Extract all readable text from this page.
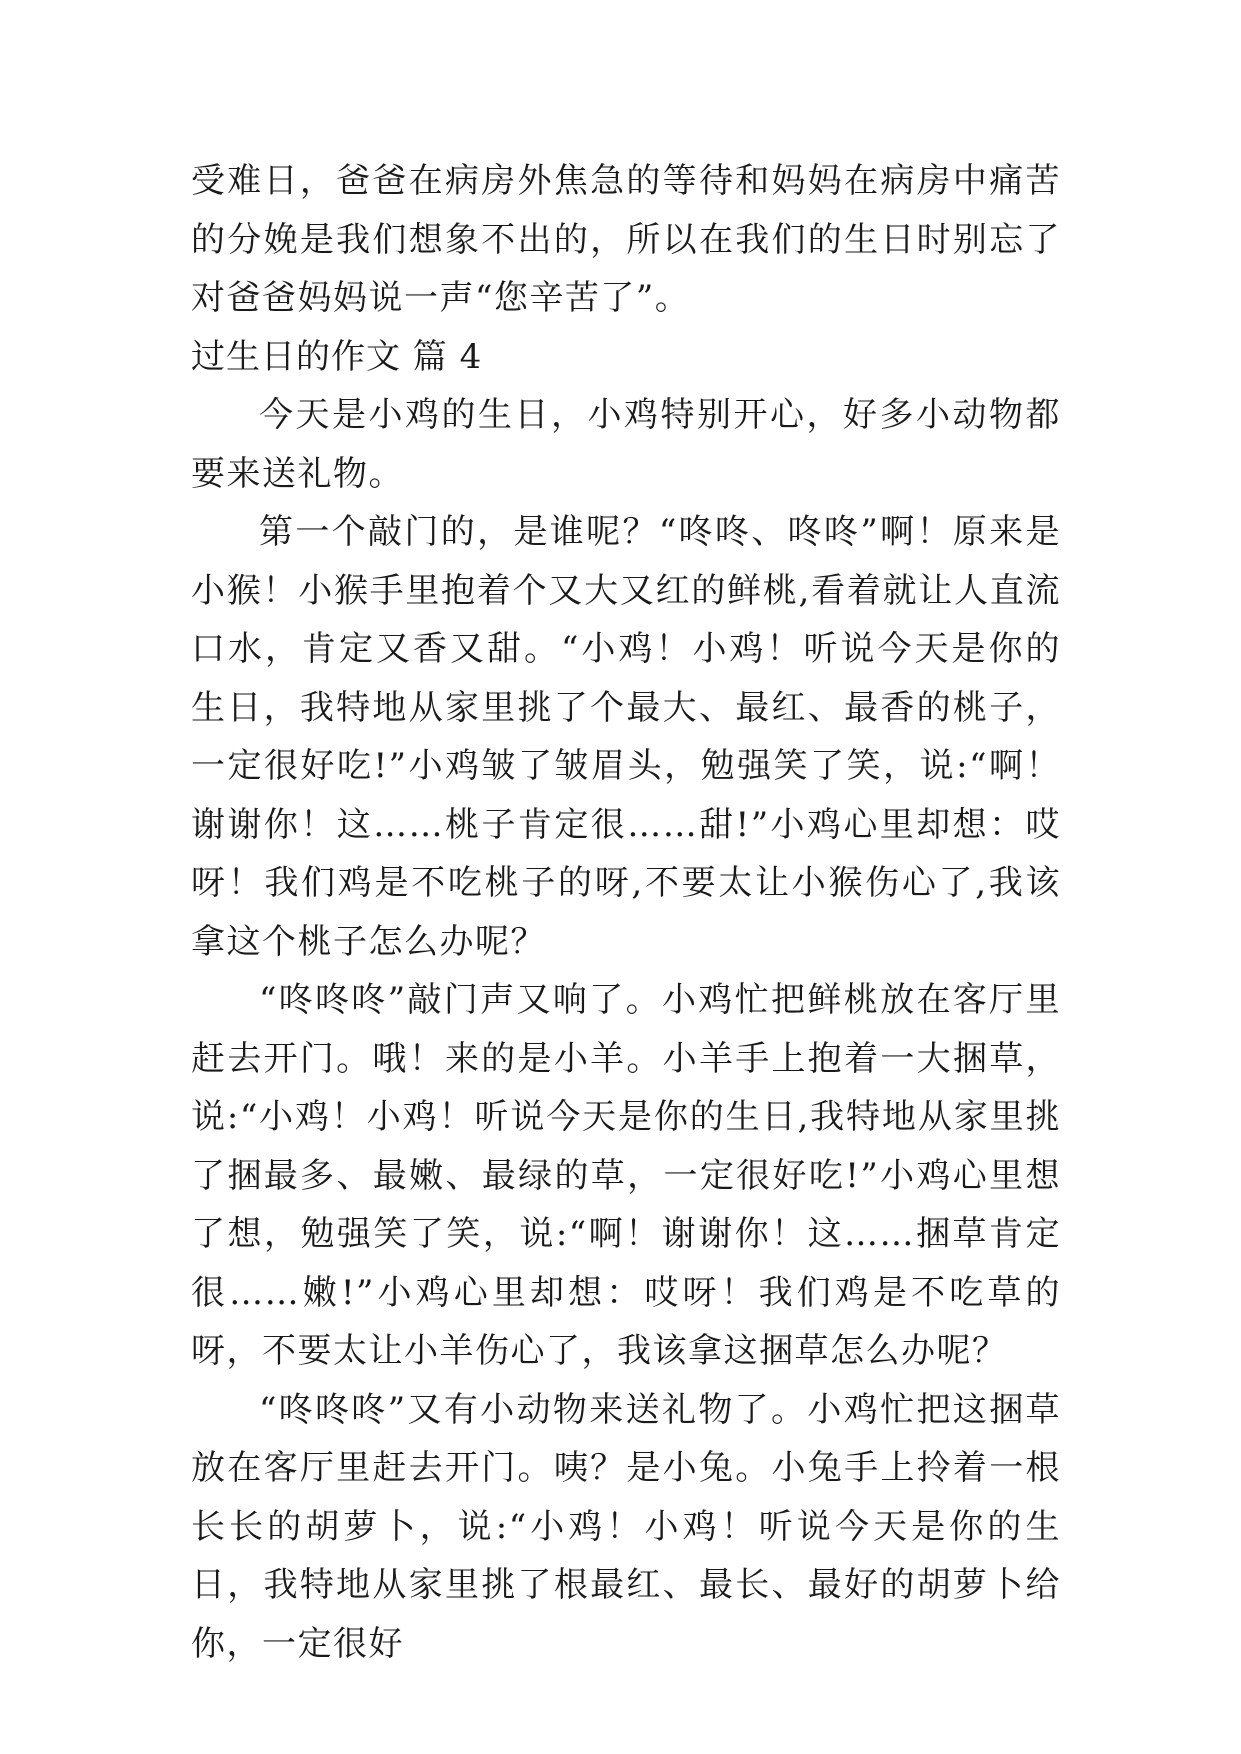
受难日，爸爸在病房外焦急的等待和妈妈在病房中痛苦的分娩是我们想象不出的，所以在我们的生日时别忘了对爸爸妈妈说一声“您辛苦了”。

过生日的作文 篇 4

今天是小鸡的生日，小鸡特别开心，好多小动物都要来送礼物。

第一个敲门的，是谁呢？“咚咚、咚咚”啊！原来是小猴！小猴手里抱着个又大又红的鲜桃,看着就让人直流口水，肯定又香又甜。“小鸡！小鸡！听说今天是你的生日，我特地从家里挑了个最大、最红、最香的桃子，一定很好吃!”小鸡皱了皱眉头，勉强笑了笑，说:“啊！谢谢你！这……桃子肯定很……甜!”小鸡心里却想：哎呀！我们鸡是不吃桃子的呀,不要太让小猴伤心了,我该拿这个桃子怎么办呢？

“咚咚咚”敲门声又响了。小鸡忙把鲜桃放在客厅里赶去开门。哦！来的是小羊。小羊手上抱着一大捆草，说:“小鸡！小鸡！听说今天是你的生日,我特地从家里挑了捆最多、最嫩、最绿的草，一定很好吃!”小鸡心里想了想，勉强笑了笑，说:“啊！谢谢你！这……捆草肯定很……嫩!”小鸡心里却想：哎呀！我们鸡是不吃草的呀，不要太让小羊伤心了，我该拿这捆草怎么办呢？

“咚咚咚”又有小动物来送礼物了。小鸡忙把这捆草放在客厅里赶去开门。咦？是小兔。小兔手上拎着一根长长的胡萝卜，说:“小鸡！小鸡！听说今天是你的生日，我特地从家里挑了根最红、最长、最好的胡萝卜给你，一定很好
